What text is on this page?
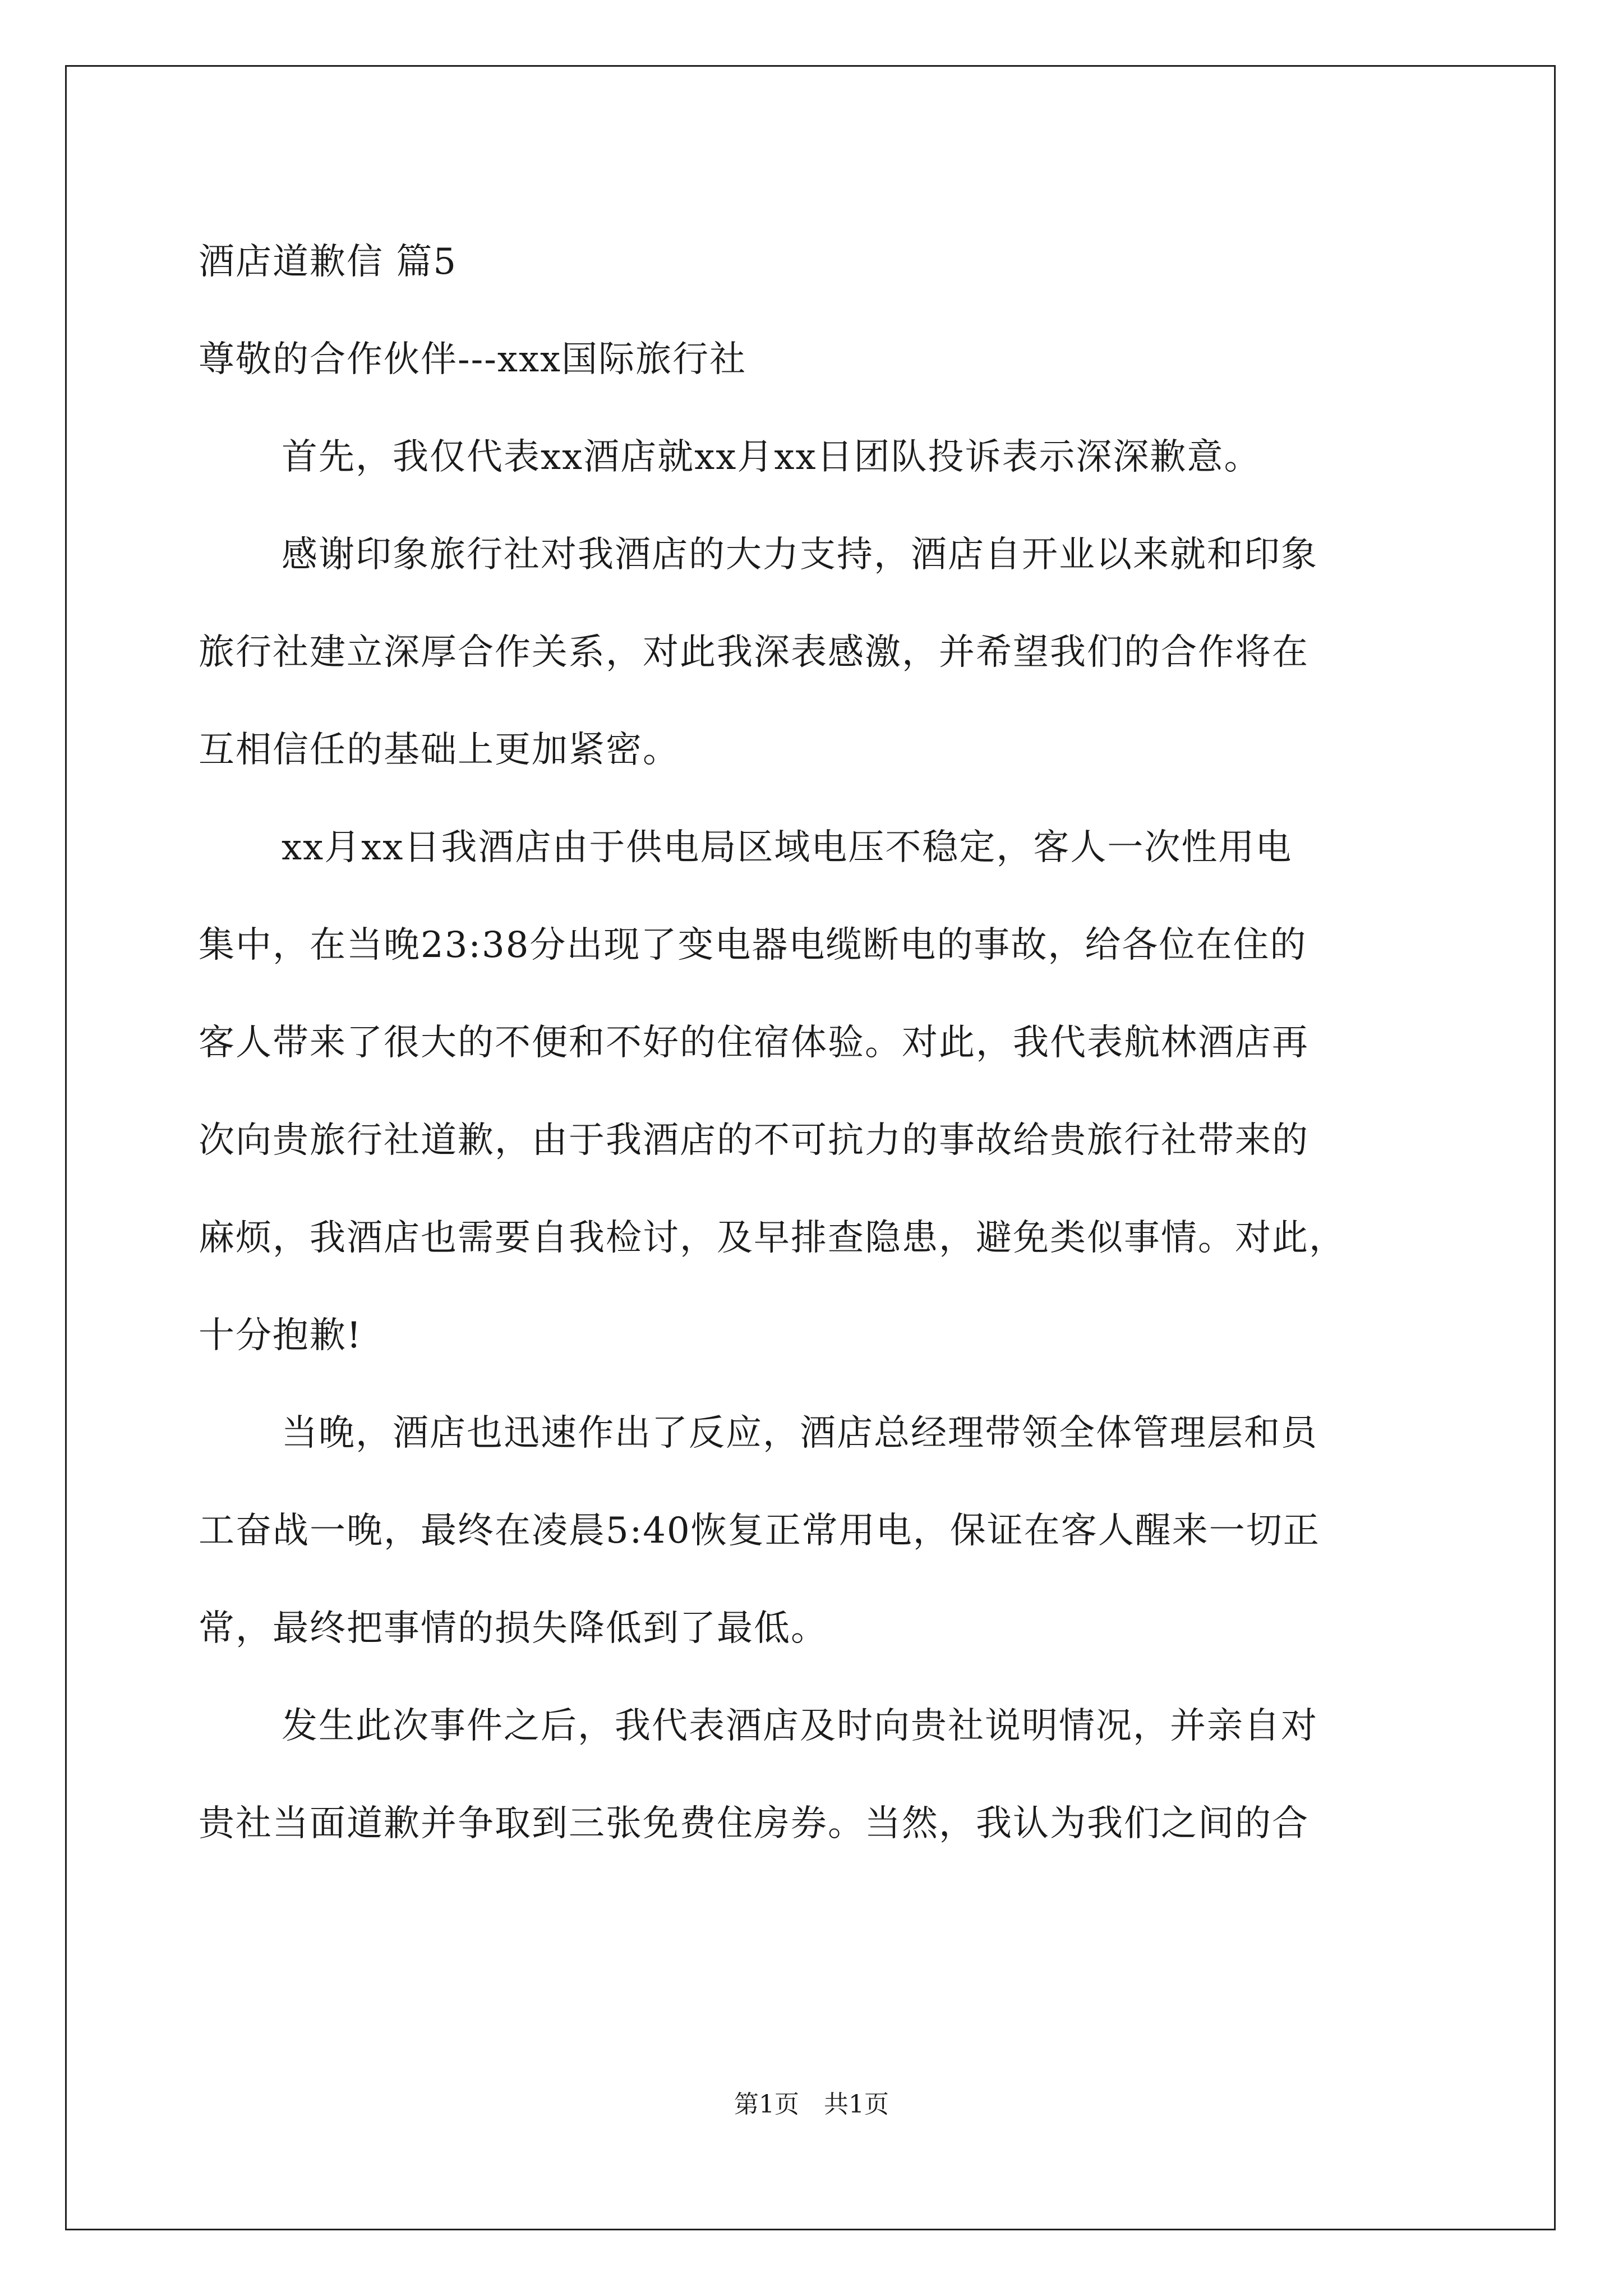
酒店道歉信 篇5
尊敬的合作伙伴---xxx国际旅行社
首先，我仅代表xx酒店就xx月xx日团队投诉表示深深歉意。
感谢印象旅行社对我酒店的大力支持，酒店自开业以来就和印象
旅行社建立深厚合作关系，对此我深表感激，并希望我们的合作将在
互相信任的基础上更加紧密。
xx月xx日我酒店由于供电局区域电压不稳定，客人一次性用电
集中，在当晚23:38分出现了变电器电缆断电的事故，给各位在住的
客人带来了很大的不便和不好的住宿体验。对此，我代表航林酒店再
次向贵旅行社道歉，由于我酒店的不可抗力的事故给贵旅行社带来的
麻烦，我酒店也需要自我检讨，及早排查隐患，避免类似事情。对此，
十分抱歉!
当晚，酒店也迅速作出了反应，酒店总经理带领全体管理层和员
工奋战一晚，最终在凌晨5:40恢复正常用电，保证在客人醒来一切正
常，最终把事情的损失降低到了最低。
发生此次事件之后，我代表酒店及时向贵社说明情况，并亲自对
贵社当面道歉并争取到三张免费住房券。当然，我认为我们之间的合
第1页　共1页
